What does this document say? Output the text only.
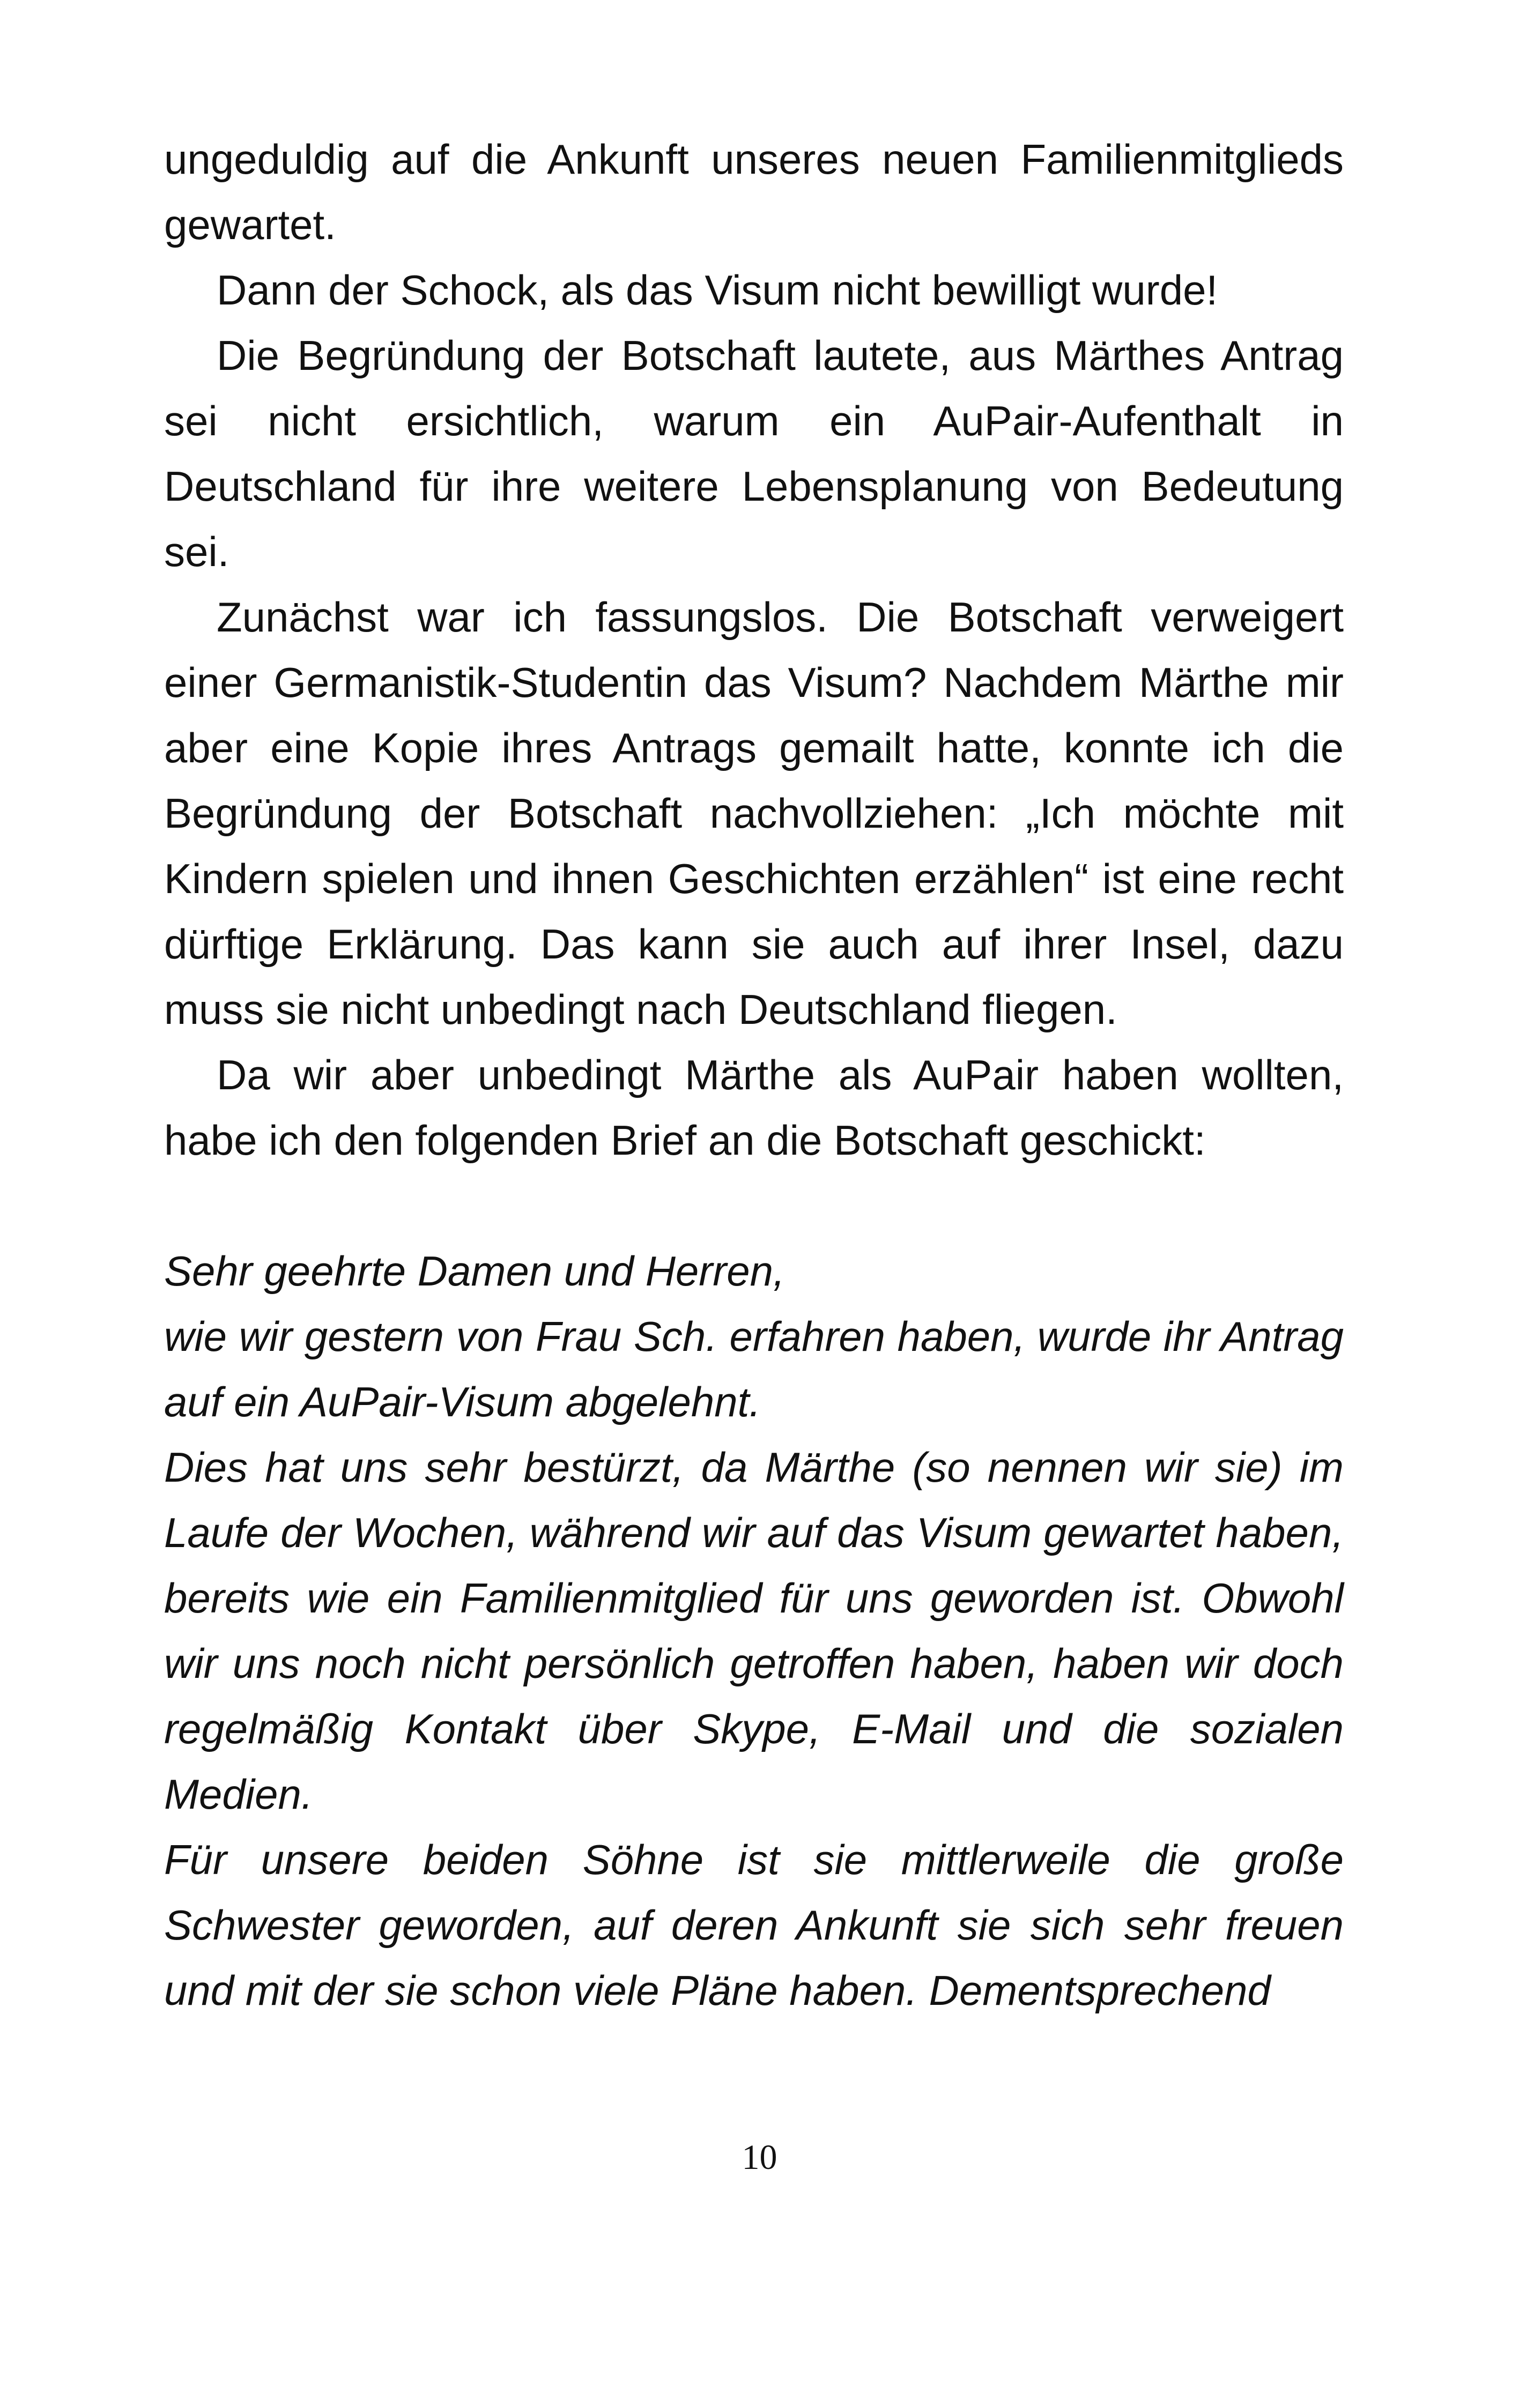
ungeduldig auf die Ankunft unseres neuen Familienmitglieds gewartet.

Dann der Schock, als das Visum nicht bewilligt wurde!

Die Begründung der Botschaft lautete, aus Märthes Antrag sei nicht ersichtlich, warum ein AuPair-Aufenthalt in Deutschland für ihre weitere Lebensplanung von Bedeutung sei.

Zunächst war ich fassungslos. Die Botschaft verweigert einer Germanistik-Studentin das Visum? Nachdem Märthe mir aber eine Kopie ihres Antrags gemailt hatte, konnte ich die Begründung der Botschaft nachvollziehen: „Ich möchte mit Kindern spielen und ihnen Geschichten erzählen“ ist eine recht dürftige Erklärung. Das kann sie auch auf ihrer Insel, dazu muss sie nicht unbedingt nach Deutschland fliegen.

Da wir aber unbedingt Märthe als AuPair haben wollten, habe ich den folgenden Brief an die Botschaft geschickt:

Sehr geehrte Damen und Herren,

wie wir gestern von Frau Sch. erfahren haben, wurde ihr Antrag auf ein AuPair-Visum abgelehnt.

Dies hat uns sehr bestürzt, da Märthe (so nennen wir sie) im Laufe der Wochen, während wir auf das Visum gewartet haben, bereits wie ein Familienmitglied für uns geworden ist. Obwohl wir uns noch nicht persönlich getroffen haben, haben wir doch regelmäßig Kontakt über Skype, E-Mail und die sozialen Medien.

Für unsere beiden Söhne ist sie mittlerweile die große Schwester geworden, auf deren Ankunft sie sich sehr freuen und mit der sie schon viele Pläne haben. Dementsprechend

10
